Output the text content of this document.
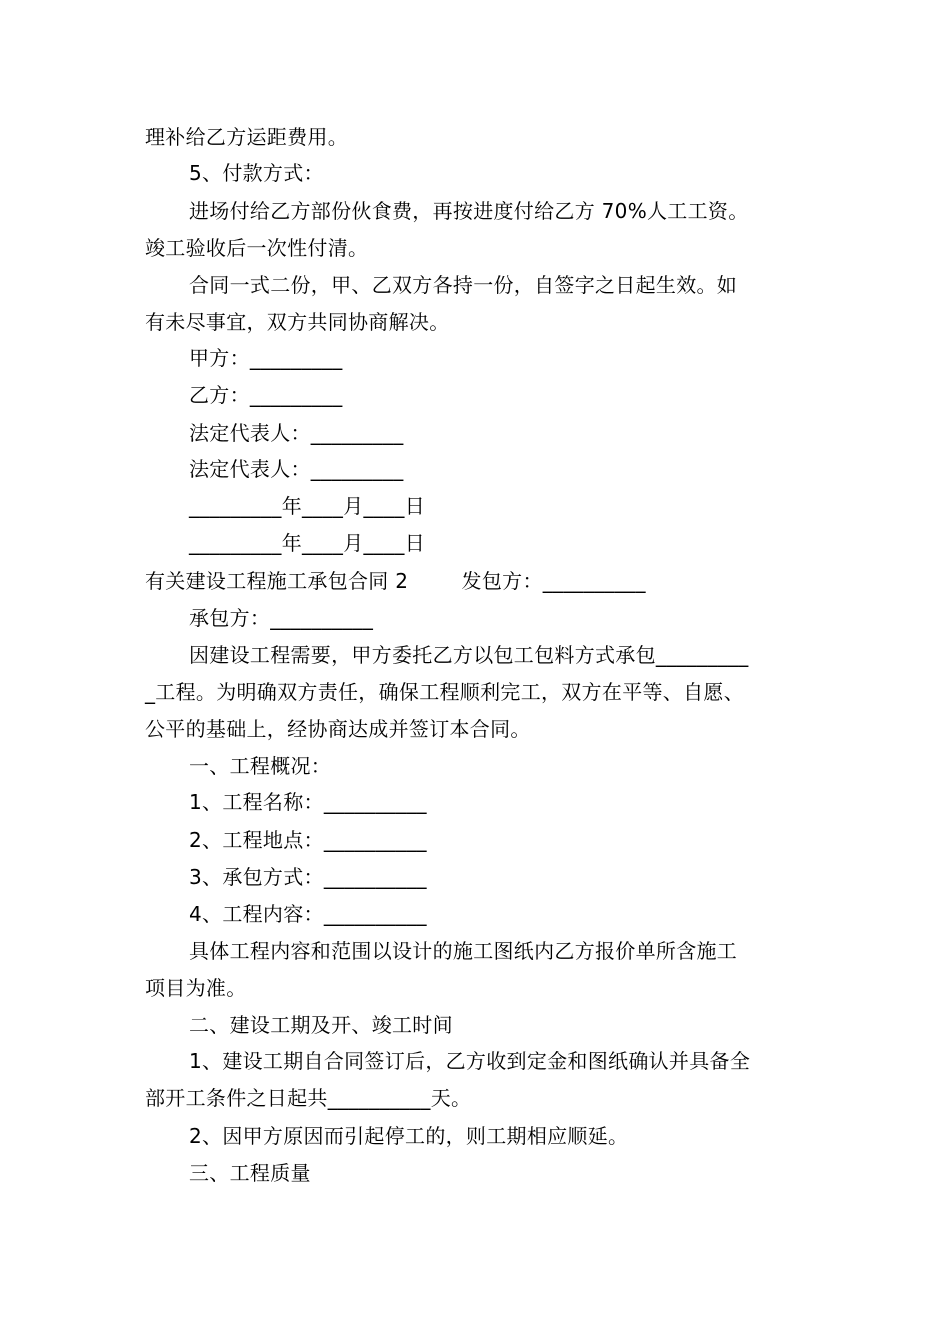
理补给乙方运距费用。
5、付款方式：
进场付给乙方部份伙食费，再按进度付给乙方 70%人工工资。
竣工验收后一次性付清。
合同一式二份，甲、乙双方各持一份，自签字之日起生效。如
有未尽事宜，双方共同协商解决。
甲方：_________
乙方：_________
法定代表人：_________
法定代表人：_________
_________年____月____日
_________年____月____日
有关建设工程施工承包合同 2        发包方：__________
承包方：__________
因建设工程需要，甲方委托乙方以包工包料方式承包_________
_工程。为明确双方责任，确保工程顺利完工，双方在平等、自愿、
公平的基础上，经协商达成并签订本合同。
一、工程概况：
1、工程名称：__________
2、工程地点：__________
3、承包方式：__________
4、工程内容：__________
具体工程内容和范围以设计的施工图纸内乙方报价单所含施工
项目为准。
二、建设工期及开、竣工时间
1、建设工期自合同签订后，乙方收到定金和图纸确认并具备全
部开工条件之日起共__________天。
2、因甲方原因而引起停工的，则工期相应顺延。
三、工程质量
